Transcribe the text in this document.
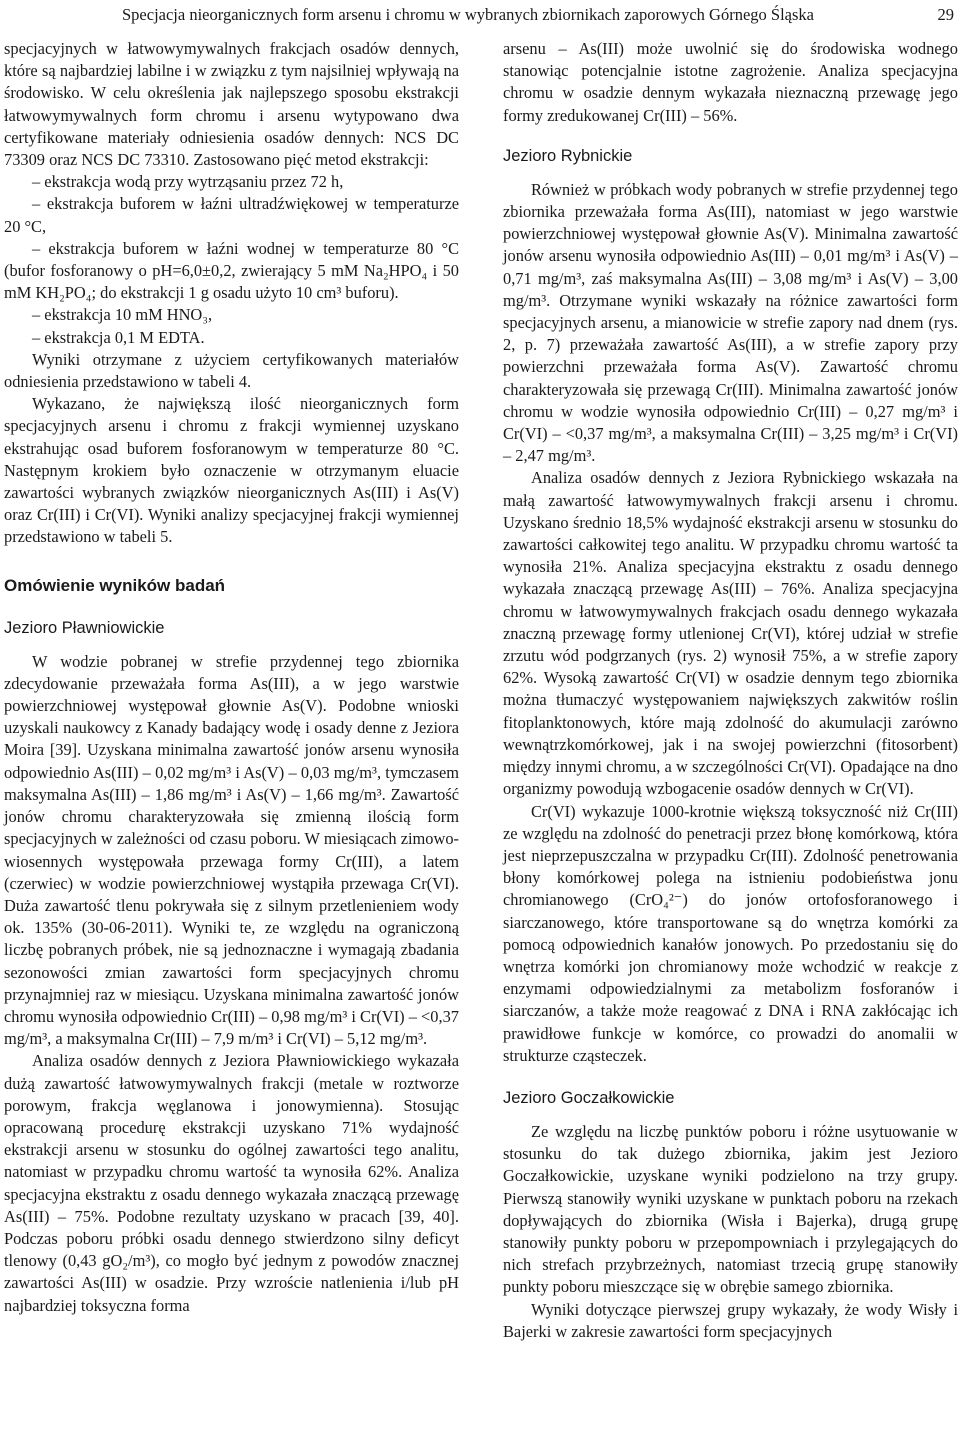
Specjacja nieorganicznych form arsenu i chromu w wybranych zbiornikach zaporowych Górnego Śląska	29

specjacyjnych w łatwowymywalnych frakcjach osadów dennych, które są najbardziej labilne i w związku z tym najsilniej wpływają na środowisko. W celu określenia jak najlepszego sposobu ekstrakcji łatwowymywalnych form chromu i arsenu wytypowano dwa certyfikowane materiały odniesienia osadów dennych: NCS DC 73309 oraz NCS DC 73310. Zastosowano pięć metod ekstrakcji:

– ekstrakcja wodą przy wytrząsaniu przez 72 h,

– ekstrakcja buforem w łaźni ultradźwiękowej w temperaturze 20 °C,

– ekstrakcja buforem w łaźni wodnej w temperaturze 80 °C (bufor fosforanowy o pH=6,0±0,2, zwierający 5 mM Na₂HPO₄ i 50 mM KH₂PO₄; do ekstrakcji 1 g osadu użyto 10 cm³ buforu).

– ekstrakcja 10 mM HNO₃,

– ekstrakcja 0,1 M EDTA.

Wyniki otrzymane z użyciem certyfikowanych materiałów odniesienia przedstawiono w tabeli 4.

Wykazano, że największą ilość nieorganicznych form specjacyjnych arsenu i chromu z frakcji wymiennej uzyskano ekstrahując osad buforem fosforanowym w temperaturze 80 °C. Następnym krokiem było oznaczenie w otrzymanym eluacie zawartości wybranych związków nieorganicznych As(III) i As(V) oraz Cr(III) i Cr(VI). Wyniki analizy specjacyjnej frakcji wymiennej przedstawiono w tabeli 5.

Omówienie wyników badań
Jezioro Pławniowickie

W wodzie pobranej w strefie przydennej tego zbiornika zdecydowanie przeważała forma As(III), a w jego warstwie powierzchniowej występował głownie As(V). Podobne wnioski uzyskali naukowcy z Kanady badający wodę i osady denne z Jeziora Moira [39]. Uzyskana minimalna zawartość jonów arsenu wynosiła odpowiednio As(III) – 0,02 mg/m³ i As(V) – 0,03 mg/m³, tymczasem maksymalna As(III) – 1,86 mg/m³ i As(V) – 1,66 mg/m³. Zawartość jonów chromu charakteryzowała się zmienną ilością form specjacyjnych w zależności od czasu poboru. W miesiącach zimowo-wiosennych występowała przewaga formy Cr(III), a latem (czerwiec) w wodzie powierzchniowej wystąpiła przewaga Cr(VI). Duża zawartość tlenu pokrywała się z silnym przetlenieniem wody ok. 135% (30-06-2011). Wyniki te, ze względu na ograniczoną liczbę pobranych próbek, nie są jednoznaczne i wymagają zbadania sezonowości zmian zawartości form specjacyjnych chromu przynajmniej raz w miesiącu. Uzyskana minimalna zawartość jonów chromu wynosiła odpowiednio Cr(III) – 0,98 mg/m³ i Cr(VI) – <0,37 mg/m³, a maksymalna Cr(III) – 7,9 m/m³ i Cr(VI) – 5,12 mg/m³.

Analiza osadów dennych z Jeziora Pławniowickiego wykazała dużą zawartość łatwowymywalnych frakcji (metale w roztworze porowym, frakcja węglanowa i jonowymienna). Stosując opracowaną procedurę ekstrakcji uzyskano 71% wydajność ekstrakcji arsenu w stosunku do ogólnej zawartości tego analitu, natomiast w przypadku chromu wartość ta wynosiła 62%. Analiza specjacyjna ekstraktu z osadu dennego wykazała znaczącą przewagę As(III) – 75%. Podobne rezultaty uzyskano w pracach [39, 40]. Podczas poboru próbki osadu dennego stwierdzono silny deficyt tlenowy (0,43 gO₂/m³), co mogło być jednym z powodów znacznej zawartości As(III) w osadzie. Przy wzroście natlenienia i/lub pH najbardziej toksyczna forma

arsenu – As(III) może uwolnić się do środowiska wodnego stanowiąc potencjalnie istotne zagrożenie. Analiza specjacyjna chromu w osadzie dennym wykazała nieznaczną przewagę jego formy zredukowanej Cr(III) – 56%.

Jezioro Rybnickie

Również w próbkach wody pobranych w strefie przydennej tego zbiornika przeważała forma As(III), natomiast w jego warstwie powierzchniowej występował głownie As(V). Minimalna zawartość jonów arsenu wynosiła odpowiednio As(III) – 0,01 mg/m³ i As(V) – 0,71 mg/m³, zaś maksymalna As(III) – 3,08 mg/m³ i As(V) – 3,00 mg/m³. Otrzymane wyniki wskazały na różnice zawartości form specjacyjnych arsenu, a mianowicie w strefie zapory nad dnem (rys. 2, p. 7) przeważała zawartość As(III), a w strefie zapory przy powierzchni przeważała forma As(V). Zawartość chromu charakteryzowała się przewagą Cr(III). Minimalna zawartość jonów chromu w wodzie wynosiła odpowiednio Cr(III) – 0,27 mg/m³ i Cr(VI) – <0,37 mg/m³, a maksymalna Cr(III) – 3,25 mg/m³ i Cr(VI) – 2,47 mg/m³.

Analiza osadów dennych z Jeziora Rybnickiego wskazała na małą zawartość łatwowymywalnych frakcji arsenu i chromu. Uzyskano średnio 18,5% wydajność ekstrakcji arsenu w stosunku do zawartości całkowitej tego analitu. W przypadku chromu wartość ta wynosiła 21%. Analiza specjacyjna ekstraktu z osadu dennego wykazała znaczącą przewagę As(III) – 76%. Analiza specjacyjna chromu w łatwowymywalnych frakcjach osadu dennego wykazała znaczną przewagę formy utlenionej Cr(VI), której udział w strefie zrzutu wód podgrzanych (rys. 2) wynosił 75%, a w strefie zapory 62%. Wysoką zawartość Cr(VI) w osadzie dennym tego zbiornika można tłumaczyć występowaniem największych zakwitów roślin fitoplanktonowych, które mają zdolność do akumulacji zarówno wewnątrzkomórkowej, jak i na swojej powierzchni (fitosorbent) między innymi chromu, a w szczególności Cr(VI). Opadające na dno organizmy powodują wzbogacenie osadów dennych w Cr(VI).

Cr(VI) wykazuje 1000-krotnie większą toksyczność niż Cr(III) ze względu na zdolność do penetracji przez błonę komórkową, która jest nieprzepuszczalna w przypadku Cr(III). Zdolność penetrowania błony komórkowej polega na istnieniu podobieństwa jonu chromianowego (CrO₄²⁻) do jonów ortofosforanowego i siarczanowego, które transportowane są do wnętrza komórki za pomocą odpowiednich kanałów jonowych. Po przedostaniu się do wnętrza komórki jon chromianowy może wchodzić w reakcje z enzymami odpowiedzialnymi za metabolizm fosforanów i siarczanów, a także może reagować z DNA i RNA zakłócając ich prawidłowe funkcje w komórce, co prowadzi do anomalii w strukturze cząsteczek.

Jezioro Goczałkowickie

Ze względu na liczbę punktów poboru i różne usytuowanie w stosunku do tak dużego zbiornika, jakim jest Jezioro Goczałkowickie, uzyskane wyniki podzielono na trzy grupy. Pierwszą stanowiły wyniki uzyskane w punktach poboru na rzekach dopływających do zbiornika (Wisła i Bajerka), drugą grupę stanowiły punkty poboru w przepompowniach i przylegających do nich strefach przybrzeżnych, natomiast trzecią grupę stanowiły punkty poboru mieszczące się w obrębie samego zbiornika.

Wyniki dotyczące pierwszej grupy wykazały, że wody Wisły i Bajerki w zakresie zawartości form specjacyjnych
